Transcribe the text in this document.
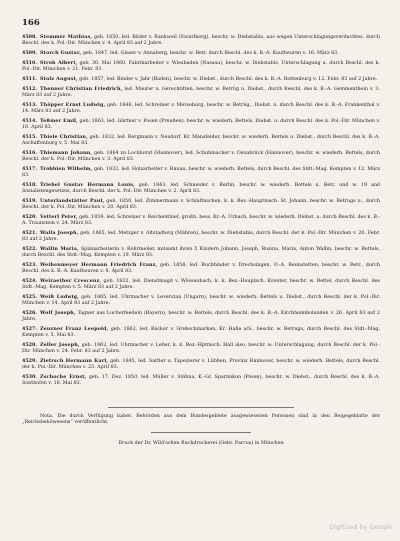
166

4508. Stemmer Mathias, geb. 1850, led. Bilder v. Rankweil (Vorarlberg), beschr. w. Diebstahls, aus wegen Unterschlagungsverdachtes, durch Beschl. des k. Pol.-Dir. München v. 4. April 83 auf 2 Jahre.

4509. Storch Gustav, geb. 1847, led. Glaser v. Annaberg, beschr. w. Betr. durch Beschl. des k. B.-A. Kaufbeuren v. 16. März 83.

4510. Stroh Albert, geb. 30. Mai 1860, Fabrikarbeiter v. Wiesbaden (Nassau), beschr. w. Diebstahls, Unterschlagung u. durch Beschl. des k. Pol.-Dir. München v. 21. Febr. 83.

4511. Stolz August, geb. 1857, led. Binder v. Jahr (Baden), beschr. w. Diebst., durch Beschl. des k. B.-A. Rottenburg v. 12. Febr. 83 auf 2 Jahre.

4512. Thenner Christian Friedrich, led. Maurer u. Gerechtitten, beschr. w. Betrüg u. Diebst., durch Beschl. des k. B.-A. Gemmenthein v. 3. März 83 auf 2 Jahre.

4513. Thöpper Ernst Ludwig, geb. 1846, led. Schreiner v. Merseburg, beschr. w. Betrüg., Diebst. u. durch Beschl. des k. B.-A. Frankenthal v. 14. März 83 auf 2 Jahre.

4514. Teßmer Emil, geb. 1863, led. Gärtner v. Posen (Preußen), beschr. w. wiederh. Bettels, Diebst. u. durch Beschl. des k. Pol.-Dir. München v. 16. April 83.

4515. Thiele Christian, geb. 1832, led. Bergmann v. Neudorf, Kr. Mansfelder, beschr. w. wiederh. Bettels u. Diebst., durch Beschl. des k. B.-A. Aschaffenburg v. 5. Mai 83.

4516. Thiemann Johann, geb. 1864 zu Lochhorst (Hannover), led. Schuhmacher v. Osnabrück (Hannover), beschr. w. wiederh. Bettels, durch Beschl. der k. Pol.-Dir. München v. 3. April 83.

4517. Trobbien Wilhelm, geb. 1832, led. Holzarbeiter v. Hanau, beschr. w. wiederh. Bettels, durch Beschl. des Stdt.-Mag. Kempten v. 12. März 83.

4518. Triebel Gustav Hermann Louis, geb. 1843, led. Schneider v. Berlin, beschr. w. wiederh. Bettels u. Betr. und w. 19 and Sozialistengesetzes, durch Beschl. der k. Pol.-Dir. München v. 2. April 83.

4519. Unterlandstätter Paul, geb. 1850, led. Zimmermann v. Schlaftnschen, k. k. Bez.-Hauptmsch. St. Johann, beschr. w. Betrugs u., durch Beschl. der k. Pol.-Dir. München v. 20. April 83.

4520. Vetterl Peter, geb. 1859, led. Schreiner v. Reichenthiet, großh. hess. Kr.-A. Urbach, beschr. w. wiederh. Diebst. u. durch Beschl. des k. B.-A. Traunstein v. 24. März 83.

4521. Walla Joseph, geb. 1865, led. Metzger v. Altstadterg (Mähren), beschr. w. Diebstahls, durch Beschl. der k. Pol.-Dir. München v. 20. Febr. 83 auf 2 Jahre.

4522. Wallin Maria, Spinnarbeiterin v. Rohrmeiler, mitsamt ihren 5 Kindern Johann, Joseph, Rosina, Maria, Anton Wallin, beschr. w. Bettels, durch Beschl. des Stdt.-Mag. Kempten v. 19. März 83.

4523. Weihenmeyer Hermann Friedrich Franz, geb. 1858, led. Buchbinder v. Drechsingen, O.-A. Rennstetten, beschr. w. Betr., durch Beschl. des k. B.-A. Kaufbeuren v. 8. April 83.

4524. Weiraether Crescenz, geb. 1832, led. Dienstmagd v. Wössenbach, k. k. Bez.-Hauptsch. Kreuter, beschr. w. Bettel, durch Beschl. des Stdt.-Mag. Kempten v. 5. März 83 auf 2 Jahre.

4525. Weiß Ludwig, geb. 1865, led. Uhrmacher v. Leverstan (Ungarn), beschr. w. wiederh. Bettels u. Diebst., durch Beschl. der k. Pol.-Dir. München v. 14. April 83 auf 2 Jahre.

4526. Wolf Joseph, Tagner aus Lucherfeedein (Bayern), beschr. w. Bettels, durch Beschl. des k. B.-A. Kirchheimbolanden v. 26. April 83 auf 2 Jahre.

4527. Zenzner Franz Leopold, geb. 1862, led. Bäcker v. Grebschmarken, Kr. Halle a/S., beschr. w. Betrugs, durch Beschl. des Stdt.-Mag. Kempten v. 5. Mai 83.

4528. Zeller Joseph, geb. 1862, led. Uhrmacher v. Leher, k. k. Bez.-Hptmsch. Hall also, beschr. w. Unterschlagung, durch Beschl. der k. Pol.-Dir. München v. 24. Febr. 83 auf 2 Jahre.

4529. Zietrsch Hermann Karl, geb. 1845, led. Sattler u. Tapezierer v. Lübben, Provinz Hannover, beschr. w. wiederh. Bettels, durch Beschl. der k. Pol.-Dir. München v. 23. April 83.

4530. Zschoche Ernst, geb. 17. Dez. 1850, led. Müller v. Stöhna, K.-Gr. Sparmikon (Posen), beschr. w. Diebst., durch Beschl. des k. B.-A. Sonthofen v. 18. Mai 83.

Nota. Die durch Verfügung baher. Behörden aus dem Bundesgebiete ausgewiesenen Personen sind in den Beigegeblatte der „Reichsbehöwesens“ veröffentlicht.

Druck der Dr. Wild'schen Buchdruckerei (Gebr. Parcus) in München
Digitized by Google
